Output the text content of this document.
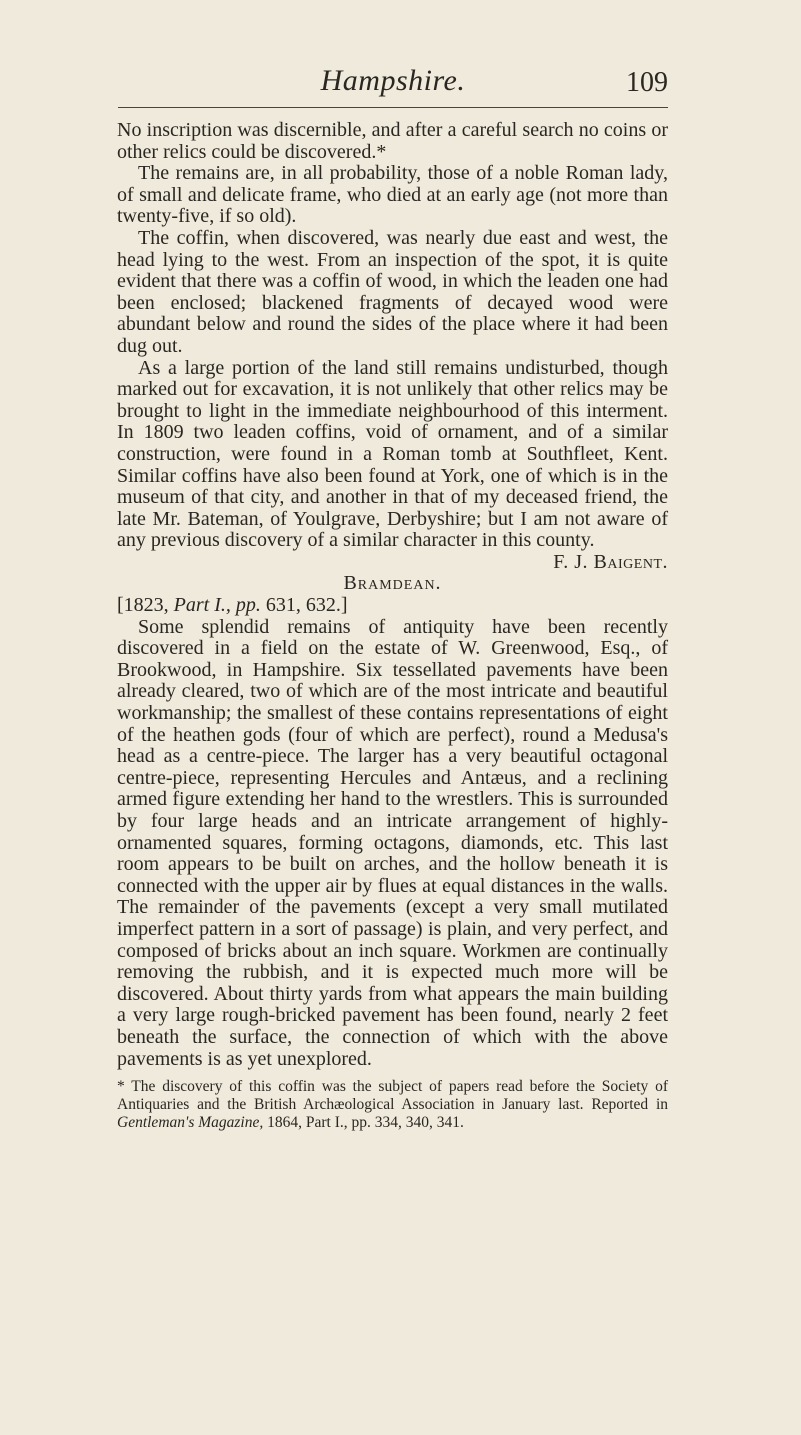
Hampshire.	109

No inscription was discernible, and after a careful search no coins or other relics could be discovered.*

The remains are, in all probability, those of a noble Roman lady, of small and delicate frame, who died at an early age (not more than twenty-five, if so old).

The coffin, when discovered, was nearly due east and west, the head lying to the west. From an inspection of the spot, it is quite evident that there was a coffin of wood, in which the leaden one had been enclosed; blackened fragments of decayed wood were abundant below and round the sides of the place where it had been dug out.

As a large portion of the land still remains undisturbed, though marked out for excavation, it is not unlikely that other relics may be brought to light in the immediate neighbourhood of this interment. In 1809 two leaden coffins, void of ornament, and of a similar construction, were found in a Roman tomb at Southfleet, Kent. Similar coffins have also been found at York, one of which is in the museum of that city, and another in that of my deceased friend, the late Mr. Bateman, of Youlgrave, Derbyshire; but I am not aware of any previous discovery of a similar character in this county.

F. J. Baigent.

Bramdean.

[1823, Part I., pp. 631, 632.]

Some splendid remains of antiquity have been recently discovered in a field on the estate of W. Greenwood, Esq., of Brookwood, in Hampshire. Six tessellated pavements have been already cleared, two of which are of the most intricate and beautiful workmanship; the smallest of these contains representations of eight of the heathen gods (four of which are perfect), round a Medusa's head as a centre-piece. The larger has a very beautiful octagonal centre-piece, representing Hercules and Antæus, and a reclining armed figure extending her hand to the wrestlers. This is surrounded by four large heads and an intricate arrangement of highly-ornamented squares, forming octagons, diamonds, etc. This last room appears to be built on arches, and the hollow beneath it is connected with the upper air by flues at equal distances in the walls. The remainder of the pavements (except a very small mutilated imperfect pattern in a sort of passage) is plain, and very perfect, and composed of bricks about an inch square. Workmen are continually removing the rubbish, and it is expected much more will be discovered. About thirty yards from what appears the main building a very large rough-bricked pavement has been found, nearly 2 feet beneath the surface, the connection of which with the above pavements is as yet unexplored.

* The discovery of this coffin was the subject of papers read before the Society of Antiquaries and the British Archæological Association in January last. Reported in Gentleman's Magazine, 1864, Part I., pp. 334, 340, 341.
